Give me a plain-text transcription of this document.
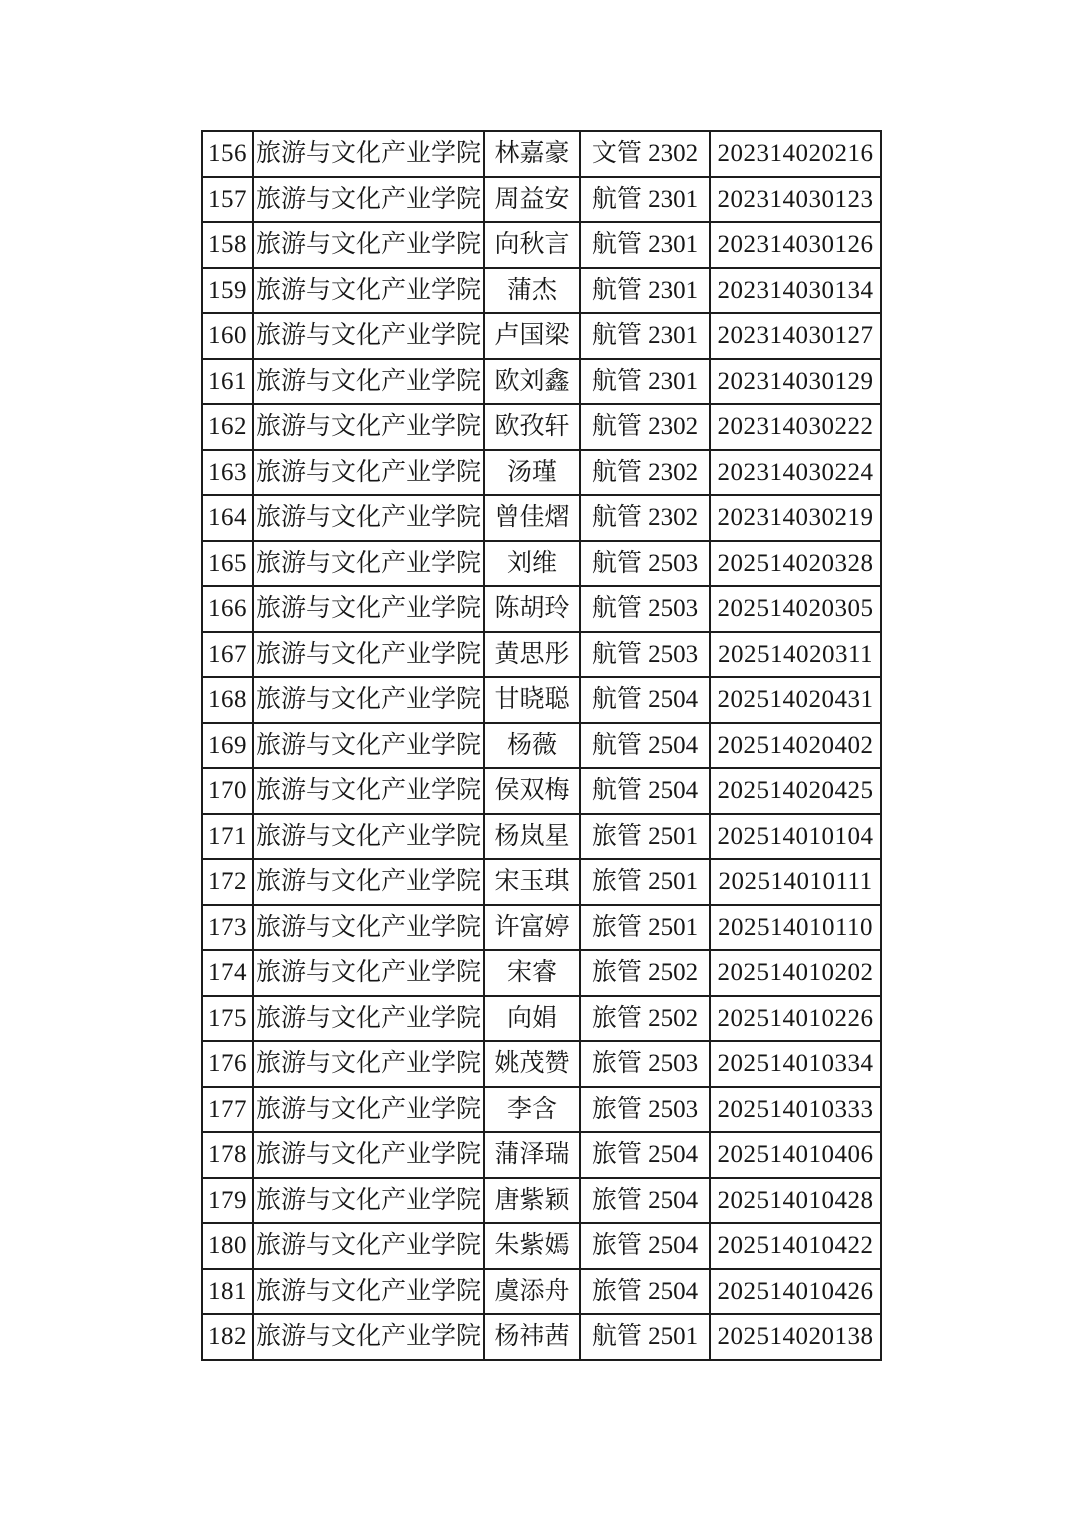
156	旅游与文化产业学院	林嘉豪	文管 2302	202314020216
157	旅游与文化产业学院	周益安	航管 2301	202314030123
158	旅游与文化产业学院	向秋言	航管 2301	202314030126
159	旅游与文化产业学院	蒲杰	航管 2301	202314030134
160	旅游与文化产业学院	卢国梁	航管 2301	202314030127
161	旅游与文化产业学院	欧刘鑫	航管 2301	202314030129
162	旅游与文化产业学院	欧孜轩	航管 2302	202314030222
163	旅游与文化产业学院	汤瑾	航管 2302	202314030224
164	旅游与文化产业学院	曾佳熠	航管 2302	202314030219
165	旅游与文化产业学院	刘维	航管 2503	202514020328
166	旅游与文化产业学院	陈胡玲	航管 2503	202514020305
167	旅游与文化产业学院	黄思彤	航管 2503	202514020311
168	旅游与文化产业学院	甘晓聪	航管 2504	202514020431
169	旅游与文化产业学院	杨薇	航管 2504	202514020402
170	旅游与文化产业学院	侯双梅	航管 2504	202514020425
171	旅游与文化产业学院	杨岚星	旅管 2501	202514010104
172	旅游与文化产业学院	宋玉琪	旅管 2501	202514010111
173	旅游与文化产业学院	许富婷	旅管 2501	202514010110
174	旅游与文化产业学院	宋睿	旅管 2502	202514010202
175	旅游与文化产业学院	向娟	旅管 2502	202514010226
176	旅游与文化产业学院	姚茂赞	旅管 2503	202514010334
177	旅游与文化产业学院	李含	旅管 2503	202514010333
178	旅游与文化产业学院	蒲泽瑞	旅管 2504	202514010406
179	旅游与文化产业学院	唐紫颖	旅管 2504	202514010428
180	旅游与文化产业学院	朱紫嫣	旅管 2504	202514010422
181	旅游与文化产业学院	虞添舟	旅管 2504	202514010426
182	旅游与文化产业学院	杨祎茜	航管 2501	202514020138
